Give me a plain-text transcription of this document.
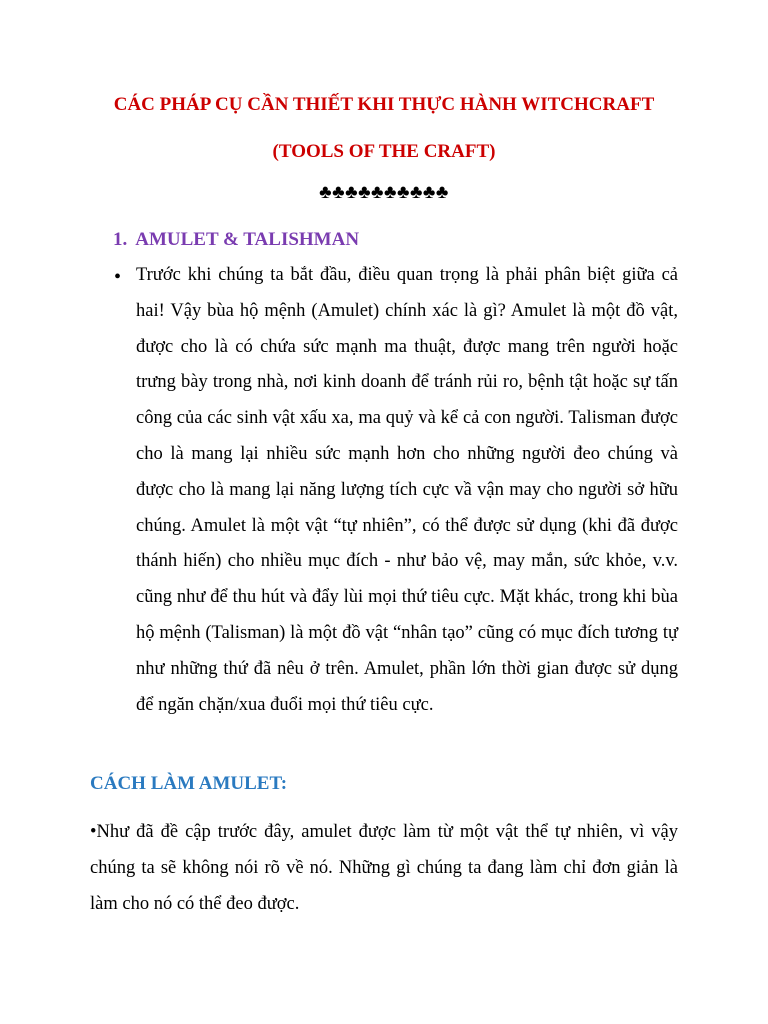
CÁC PHÁP CỤ CẦN THIẾT KHI THỰC HÀNH WITCHCRAFT
(TOOLS OF THE CRAFT)
♣♣♣♣♣♣♣♣♣♣
1. AMULET & TALISHMAN
• Trước khi chúng ta bắt đầu, điều quan trọng là phải phân biệt giữa cả hai! Vậy bùa hộ mệnh (Amulet) chính xác là gì? Amulet là một đồ vật, được cho là có chứa sức mạnh ma thuật, được mang trên người hoặc trưng bày trong nhà, nơi kinh doanh để tránh rủi ro, bệnh tật hoặc sự tấn công của các sinh vật xấu xa, ma quỷ và kể cả con người. Talisman được cho là mang lại nhiều sức mạnh hơn cho những người đeo chúng và được cho là mang lại năng lượng tích cực vầ vận may cho người sở hữu chúng. Amulet là một vật “tự nhiên”, có thể được sử dụng (khi đã được thánh hiến) cho nhiều mục đích - như bảo vệ, may mắn, sức khỏe, v.v. cũng như để thu hút và đẩy lùi mọi thứ tiêu cực. Mặt khác, trong khi bùa hộ mệnh (Talisman) là một đồ vật “nhân tạo” cũng có mục đích tương tự như những thứ đã nêu ở trên. Amulet, phần lớn thời gian được sử dụng để ngăn chặn/xua đuổi mọi thứ tiêu cực.

CÁCH LÀM AMULET:

•Như đã đề cập trước đây, amulet được làm từ một vật thể tự nhiên, vì vậy chúng ta sẽ không nói rõ về nó. Những gì chúng ta đang làm chỉ đơn giản là làm cho nó có thể đeo được.
